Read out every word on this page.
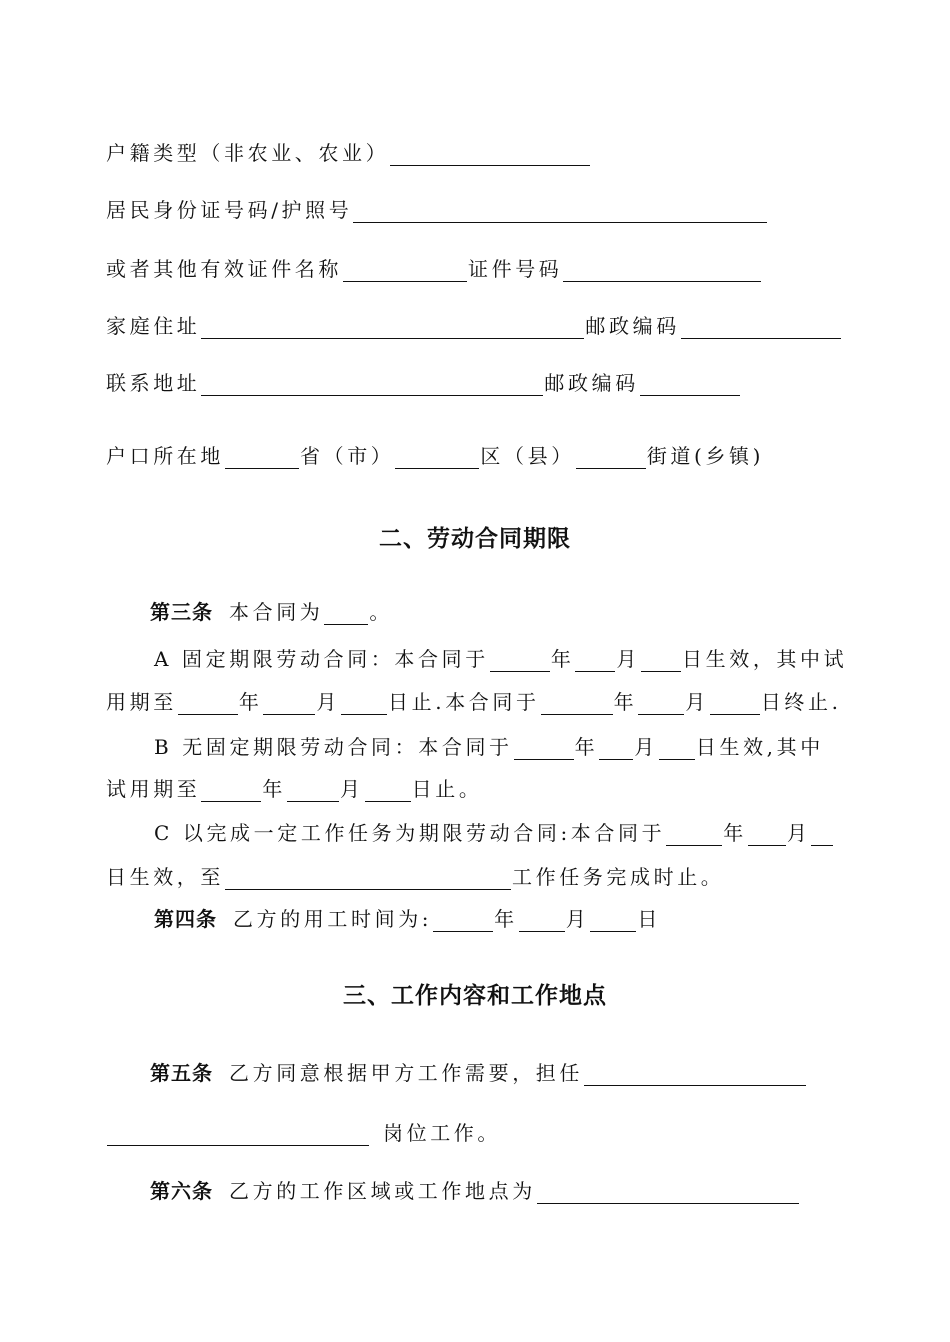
户籍类型（非农业、农业）
居民身份证号码/护照号
或者其他有效证件名称	证件号码
家庭住址	邮政编码
联系地址	邮政编码
户口所在地	省（市）	区（县）	街道(乡镇)
二、劳动合同期限
第三条 本合同为 。
A 固定期限劳动合同：本合同于	年 月 日生效，其中试
用期至	年	月 日止.本合同于	年 月	日终止.
B 无固定期限劳动合同：本合同于	年 月 日生效,其中
试用期至	年	月 日止。
C 以完成一定工作任务为期限劳动合同:本合同于	年 月
日生效，至	工作任务完成时止。
第四条 乙方的用工时间为:	年 月 日
三、工作内容和工作地点
第五条 乙方同意根据甲方工作需要，担任
岗位工作。
第六条 乙方的工作区域或工作地点为
